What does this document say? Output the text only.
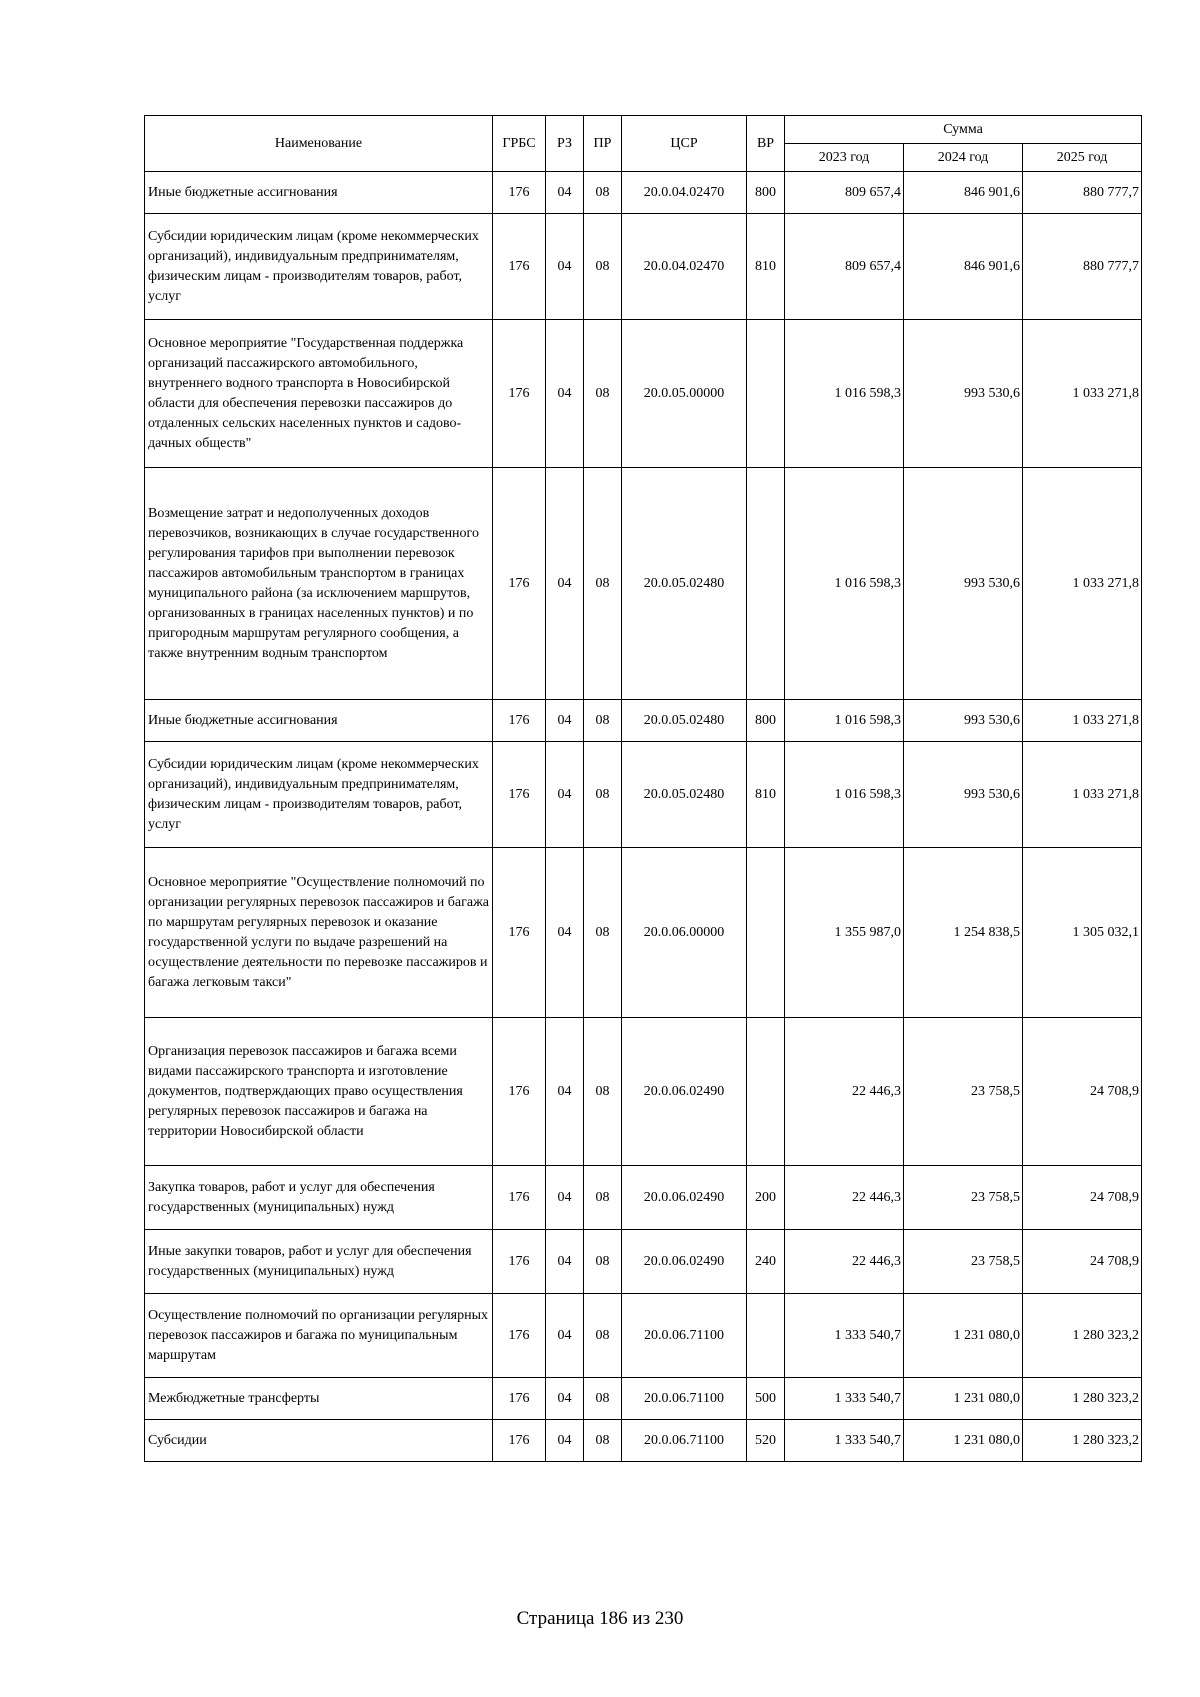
Наименование	ГРБС	РЗ	ПР	ЦСР	ВР	Сумма		
						2023 год	2024 год	2025 год
Иные бюджетные ассигнования	176	04	08	20.0.04.02470	800	809 657,4	846 901,6	880 777,7
Субсидии юридическим лицам (кроме некоммерческих организаций), индивидуальным предпринимателям, физическим лицам - производителям товаров, работ, услуг	176	04	08	20.0.04.02470	810	809 657,4	846 901,6	880 777,7
Основное мероприятие "Государственная поддержка организаций пассажирского автомобильного, внутреннего водного транспорта в Новосибирской области для обеспечения перевозки пассажиров до отдаленных сельских населенных пунктов и садово-дачных обществ"	176	04	08	20.0.05.00000		1 016 598,3	993 530,6	1 033 271,8
Возмещение затрат и недополученных доходов перевозчиков, возникающих в случае государственного регулирования тарифов при выполнении перевозок пассажиров автомобильным транспортом в границах муниципального района (за исключением маршрутов, организованных в границах населенных пунктов) и по пригородным маршрутам регулярного сообщения, а также внутренним водным транспортом	176	04	08	20.0.05.02480		1 016 598,3	993 530,6	1 033 271,8
Иные бюджетные ассигнования	176	04	08	20.0.05.02480	800	1 016 598,3	993 530,6	1 033 271,8
Субсидии юридическим лицам (кроме некоммерческих организаций), индивидуальным предпринимателям, физическим лицам - производителям товаров, работ, услуг	176	04	08	20.0.05.02480	810	1 016 598,3	993 530,6	1 033 271,8
Основное мероприятие "Осуществление полномочий по организации регулярных перевозок пассажиров и багажа по маршрутам регулярных перевозок и оказание государственной услуги по выдаче разрешений на осуществление деятельности по перевозке пассажиров и багажа легковым такси"	176	04	08	20.0.06.00000		1 355 987,0	1 254 838,5	1 305 032,1
Организация перевозок пассажиров и багажа всеми видами пассажирского транспорта и изготовление документов, подтверждающих право осуществления регулярных перевозок пассажиров и багажа на территории Новосибирской области	176	04	08	20.0.06.02490		22 446,3	23 758,5	24 708,9
Закупка товаров, работ и услуг для обеспечения государственных (муниципальных) нужд	176	04	08	20.0.06.02490	200	22 446,3	23 758,5	24 708,9
Иные закупки товаров, работ и услуг для обеспечения государственных (муниципальных) нужд	176	04	08	20.0.06.02490	240	22 446,3	23 758,5	24 708,9
Осуществление полномочий по организации регулярных перевозок пассажиров и багажа по муниципальным маршрутам	176	04	08	20.0.06.71100		1 333 540,7	1 231 080,0	1 280 323,2
Межбюджетные трансферты	176	04	08	20.0.06.71100	500	1 333 540,7	1 231 080,0	1 280 323,2
Субсидии	176	04	08	20.0.06.71100	520	1 333 540,7	1 231 080,0	1 280 323,2
Страница 186 из 230
